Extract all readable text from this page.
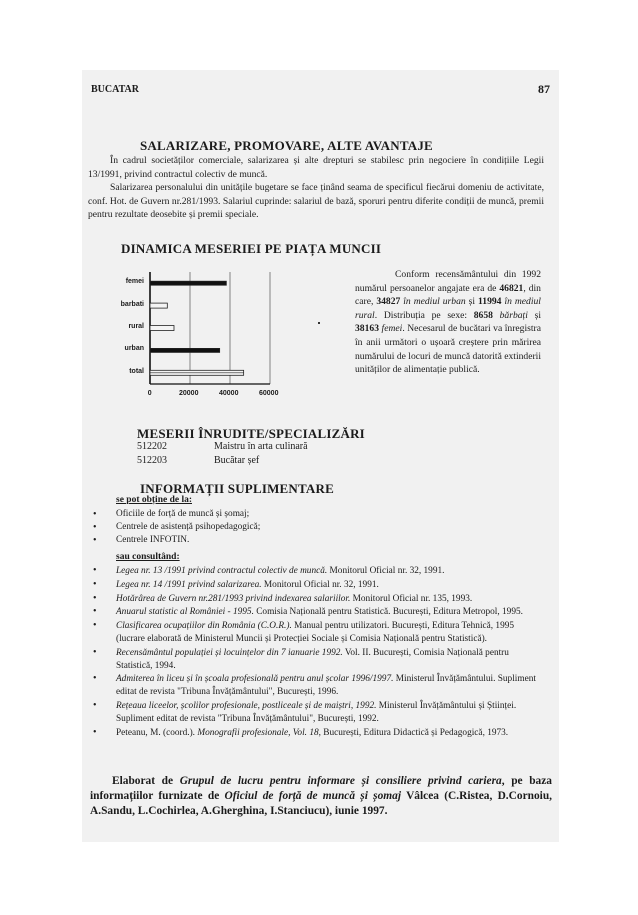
BUCATAR	87
SALARIZARE, PROMOVARE, ALTE AVANTAJE

În cadrul societăților comerciale, salarizarea și alte drepturi se stabilesc prin negociere în condițiile Legii 13/1991, privind contractul colectiv de muncă.

Salarizarea personalului din unitățile bugetare se face ținând seama de specificul fiecărui domeniu de activitate, conf. Hot. de Guvern nr.281/1993. Salariul cuprinde: salariul de bază, sporuri pentru diferite condiții de muncă, premii pentru rezultate deosebite și premii speciale.

DINAMICA MESERIEI PE PIAȚA MUNCII

Conform recensământului din 1992 numărul persoanelor angajate era de 46821, din care, 34827 în mediul urban și 11994 în mediul rural. Distribuția pe sexe: 8658 bărbați și 38163 femei. Necesarul de bucătari va înregistra în anii următori o ușoară creștere prin mărirea numărului de locuri de muncă datorită extinderii unităților de alimentație publică.

femei
barbati
rural
urban
total
0	20000	40000	60000
MESERII ÎNRUDITE/SPECIALIZĂRI
512202	Maistru în arta culinară
512203	Bucătar șef
INFORMAȚII SUPLIMENTARE
se pot obține de la:
• Oficiile de forță de muncă și șomaj;
• Centrele de asistență psihopedagogică;
• Centrele INFOTIN.
sau consultând:
• Legea nr. 13 /1991 privind contractul colectiv de muncă. Monitorul Oficial nr. 32, 1991.
• Legea nr. 14 /1991 privind salarizarea. Monitorul Oficial nr. 32, 1991.
• Hotărârea de Guvern nr.281/1993 privind indexarea salariilor. Monitorul Oficial nr. 135, 1993.
• Anuarul statistic al României - 1995. Comisia Națională pentru Statistică. București, Editura Metropol, 1995.
• Clasificarea ocupațiilor din România (C.O.R.). Manual pentru utilizatori. București, Editura Tehnică, 1995 (lucrare elaborată de Ministerul Muncii și Protecției Sociale și Comisia Națională pentru Statistică).
• Recensământul populației și locuințelor din 7 ianuarie 1992. Vol. II. București, Comisia Națională pentru Statistică, 1994.
• Admiterea în liceu și în școala profesională pentru anul școlar 1996/1997. Ministerul Învățământului. Supliment editat de revista "Tribuna Învățământului", București, 1996.
• Rețeaua liceelor, școlilor profesionale, postliceale și de maiștri, 1992. Ministerul Învățământului și Științei. Supliment editat de revista "Tribuna Învățământului", București, 1992.
• Peteanu, M. (coord.). Monografii profesionale, Vol. 18, București, Editura Didactică și Pedagogică, 1973.
Elaborat de Grupul de lucru pentru informare și consiliere privind cariera, pe baza informațiilor furnizate de Oficiul de forță de muncă și șomaj Vâlcea (C.Ristea, D.Cornoiu, A.Sandu, L.Cochirlea, A.Gherghina, I.Stanciucu), iunie 1997.
